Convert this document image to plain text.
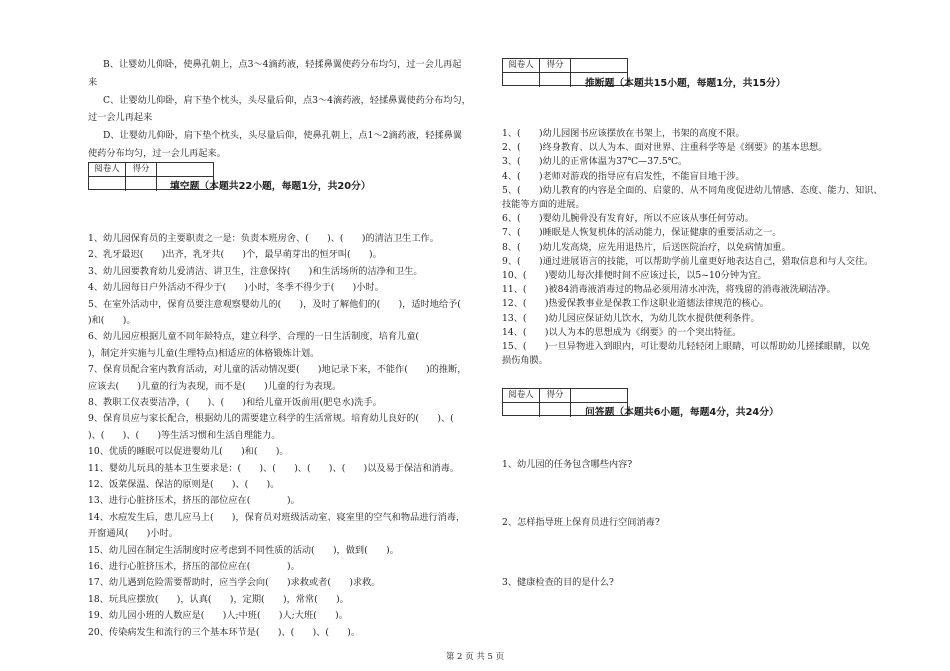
B、让婴幼儿仰卧，使鼻孔朝上，点3～4滴药液，轻揉鼻翼使药分布均匀，过一会儿再起

来

C、让婴幼儿仰卧，肩下垫个枕头，头尽量后仰，点3～4滴药液，轻揉鼻翼使药分布均匀，

过一会儿再起来

D、让婴幼儿仰卧，肩下垫个枕头，头尽量后仰，使鼻孔朝上，点1～2滴药液，轻揉鼻翼

使药分布均匀，过一会儿再起来。

阅卷人	得分
填空题（本题共22小题，每题1分，共20分）

1、幼儿园保育员的主要职责之一是：负责本班房舍、(　　)、(　　)的清洁卫生工作。

2、乳牙最迟(　　)出齐，乳牙共(　　)个，最早萌芽出的恒牙叫(　　)。

3、幼儿园要教育幼儿爱清洁、讲卫生，注意保持(　　)和生活场所的洁净和卫生。

4、幼儿园每日户外活动不得少于(　　)小时，冬季不得少于(　　)小时。

5、在室外活动中，保育员要注意观察婴幼儿的(　　)，及时了解他们的(　　)，适时地给予(

)和(　　)。

6、幼儿园应根据儿童不同年龄特点，建立科学、合理的一日生活制度，培育儿童(　　

)，制定并实施与儿童(生理特点)相适应的体格锻炼计划。

7、保育员配合室内教育活动，对儿童的活动情况要(　　)地记录下来，不能作(　　)的推断，

应该去(　　)儿童的行为表现，而不是(　　)儿童的行为表现。

8、教职工仪表要洁净，(　　)、(　　)和给儿童开饭前用(肥皂水)洗手。

9、保育员应与家长配合，根据幼儿的需要建立科学的生活常规。培育幼儿良好的(　　)、(

)、(　　)、(　　)等生活习惯和生活自理能力。

10、优质的睡眠可以促进婴幼儿(　　)和(　　)。

11、婴幼儿玩具的基本卫生要求是：(　　)、(　　)、(　　)、(　　)以及易于保洁和消毒。

12、饭菜保温、保洁的原则是(　　)、(　　)。

13、进行心脏挤压术，挤压的部位应在(　　　　)。

14、水痘发生后，患儿应马上(　　)，保育员对班级活动室、寝室里的空气和物品进行消毒，

开窗通风(　　)小时。

15、幼儿园在制定生活制度时应考虑到不同性质的活动(　　)，做到(　　)。

16、进行心脏挤压术，挤压的部位应在(　　　　)。

17、幼儿遇到危险需要帮助时，应当学会向(　　)求救或者(　　)求救。

18、玩具应摆放(　　)，认真(　　)，定期(　　)，常常(　　)。

19、幼儿园小班的人数应是(　　)人;中班(　　)人;大班(　　)。

20、传染病发生和流行的三个基本环节是(　　)、(　　)、(　　)。

阅卷人	得分
推断题（本题共15小题，每题1分，共15分）

1、(　　)幼儿园图书应该摆放在书架上，书架的高度不限。

2、(　　)终身教育、以人为本、面对世界、注重科学等是《纲要》的基本思想。

3、(　　)幼儿的正常体温为37℃—37.5℃。

4、(　　)老师对游戏的指导应有启发性，不能盲目地干涉。

5、(　　)幼儿教育的内容是全面的、启蒙的、从不同角度促进幼儿情感、态度、能力、知识、

技能等方面的进展。

6、(　　)婴幼儿腕骨没有发育好，所以不应该从事任何劳动。

7、(　　)睡眠是人恢复机体的活动能力，保证健康的重要活动之一。

8、(　　)幼儿发高烧，应先用退热片，后送医院治疗，以免病情加重。

9、(　　)通过进展语言的技能，可以帮助学前儿童更好地表达自己，猎取信息和与人交往。

10、(　　)婴幼儿每次排便时间不应该过长，以5~10分钟为宜。

11、(　　)被84消毒液消毒过的物品必须用清水冲洗，将残留的消毒液洗刷洁净。

12、(　　)热爱保教事业是保教工作这职业道德法律规范的核心。

13、(　　)幼儿园应保证幼儿饮水，为幼儿饮水提供便利条件。

14、(　　)以人为本的思想成为《纲要》的一个突出特征。

15、(　　)一旦异物进入到眼内，可让婴幼儿轻轻闭上眼睛，可以帮助幼儿搓揉眼睛，以免

损伤角膜。

阅卷人	得分
问答题（本题共6小题，每题4分，共24分）

1、幼儿园的任务包含哪些内容?

2、怎样指导班上保育员进行空间消毒?

3、健康检查的目的是什么?

第 2 页 共 5 页
